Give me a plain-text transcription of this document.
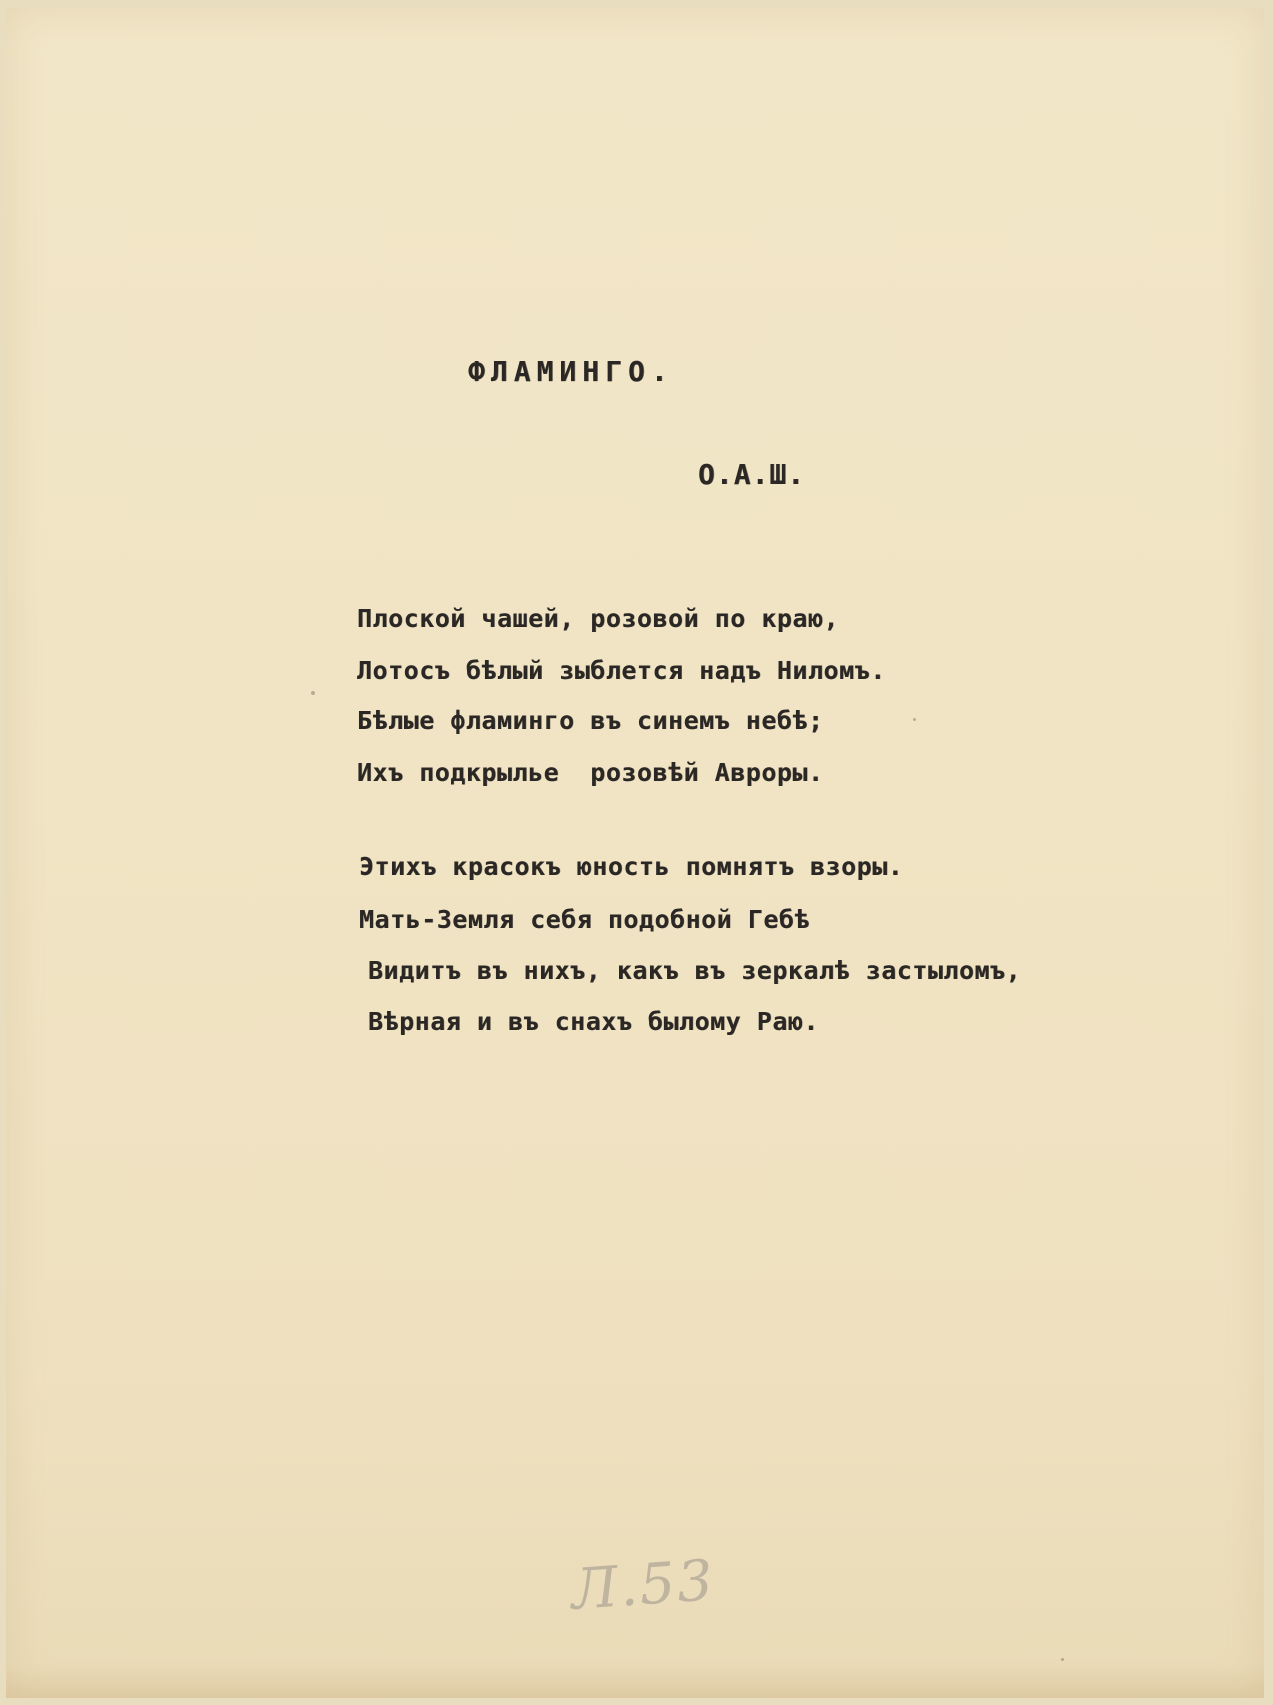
ФЛАМИНГО.
О.А.Ш.
Плоской чашей, розовой по краю,
Лотосъ бѣлый зыблется надъ Ниломъ.
Бѣлые фламинго въ синемъ небѣ;
Ихъ подкрылье  розовѣй Авроры.
Этихъ красокъ юность помнятъ взоры.
Мать-Земля себя подобной Гебѣ
Видитъ въ нихъ, какъ въ зеркалѣ застыломъ,
Вѣрная и въ снахъ былому Раю.
Л.53
